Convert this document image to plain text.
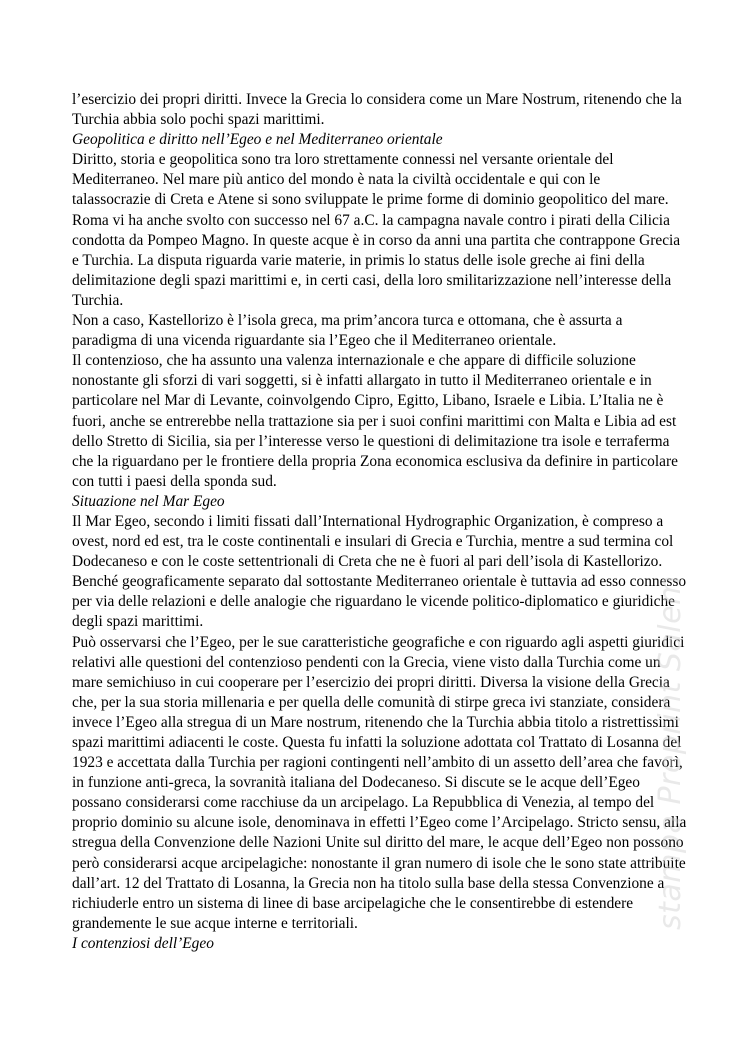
l’esercizio dei propri diritti. Invece la Grecia lo considera come un Mare Nostrum, ritenendo che la
Turchia abbia solo pochi spazi marittimi.
Geopolitica e diritto nell’Egeo e nel Mediterraneo orientale
Diritto, storia e geopolitica sono tra loro strettamente connessi nel versante orientale del
Mediterraneo. Nel mare più antico del mondo è nata la civiltà occidentale e qui con le
talassocrazie di Creta e Atene si sono sviluppate le prime forme di dominio geopolitico del mare.
Roma vi ha anche svolto con successo nel 67 a.C. la campagna navale contro i pirati della Cilicia
condotta da Pompeo Magno. In queste acque è in corso da anni una partita che contrappone Grecia
e Turchia. La disputa riguarda varie materie, in primis lo status delle isole greche ai fini della
delimitazione degli spazi marittimi e, in certi casi, della loro smilitarizzazione nell’interesse della
Turchia.
Non a caso, Kastellorizo è l’isola greca, ma prim’ancora turca e ottomana, che è assurta a
paradigma di una vicenda riguardante sia l’Egeo che il Mediterraneo orientale.
Il contenzioso, che ha assunto una valenza internazionale e che appare di difficile soluzione
nonostante gli sforzi di vari soggetti, si è infatti allargato in tutto il Mediterraneo orientale e in
particolare nel Mar di Levante, coinvolgendo Cipro, Egitto, Libano, Israele e Libia. L’Italia ne è
fuori, anche se entrerebbe nella trattazione sia per i suoi confini marittimi con Malta e Libia ad est
dello Stretto di Sicilia, sia per l’interesse verso le questioni di delimitazione tra isole e terraferma
che la riguardano per le frontiere della propria Zona economica esclusiva da definire in particolare
con tutti i paesi della sponda sud.
Situazione nel Mar Egeo
Il Mar Egeo, secondo i limiti fissati dall’International Hydrographic Organization, è compreso a
ovest, nord ed est, tra le coste continentali e insulari di Grecia e Turchia, mentre a sud termina col
Dodecaneso e con le coste settentrionali di Creta che ne è fuori al pari dell’isola di Kastellorizo.
Benché geograficamente separato dal sottostante Mediterraneo orientale è tuttavia ad esso connesso
per via delle relazioni e delle analogie che riguardano le vicende politico-diplomatico e giuridiche
degli spazi marittimi.
Può osservarsi che l’Egeo, per le sue caratteristiche geografiche e con riguardo agli aspetti giuridici
relativi alle questioni del contenzioso pendenti con la Grecia, viene visto dalla Turchia come un
mare semichiuso in cui cooperare per l’esercizio dei propri diritti. Diversa la visione della Grecia
che, per la sua storia millenaria e per quella delle comunità di stirpe greca ivi stanziate, considera
invece l’Egeo alla stregua di un Mare nostrum, ritenendo che la Turchia abbia titolo a ristrettissimi
spazi marittimi adiacenti le coste. Questa fu infatti la soluzione adottata col Trattato di Losanna del
1923 e accettata dalla Turchia per ragioni contingenti nell’ambito di un assetto dell’area che favorì,
in funzione anti-greca, la sovranità italiana del Dodecaneso. Si discute se le acque dell’Egeo
possano considerarsi come racchiuse da un arcipelago. La Repubblica di Venezia, al tempo del
proprio dominio su alcune isole, denominava in effetti l’Egeo come l’Arcipelago. Stricto sensu, alla
stregua della Convenzione delle Nazioni Unite sul diritto del mare, le acque dell’Egeo non possono
però considerarsi acque arcipelagiche: nonostante il gran numero di isole che le sono state attribuite
dall’art. 12 del Trattato di Losanna, la Grecia non ha titolo sulla base della stessa Convenzione a
richiuderle entro un sistema di linee di base arcipelagiche che le consentirebbe di estendere
grandemente le sue acque interne e territoriali.
I contenziosi dell’Egeo
stampa Preprint Salem
